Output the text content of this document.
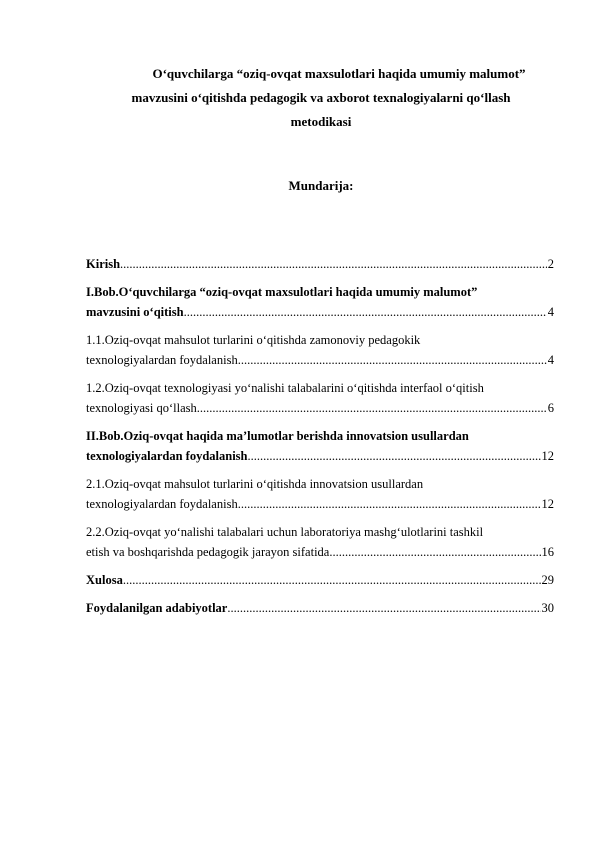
O‘quvchilarga “oziq-ovqat maxsulotlari haqida umumiy malumot”
mavzusini o‘qitishda pedagogik va axborot texnalogiyalarni qo‘llash
metodikasi
Mundarija:
Kirish .....	2
I.Bob.O‘quvchilarga “oziq-ovqat maxsulotlari haqida umumiy malumot”
mavzusini o‘qitish .....	4
1.1.Oziq-ovqat mahsulot turlarini o‘qitishda zamonoviy pedagokik
texnologiyalardan foydalanish .....	4
1.2.Oziq-ovqat texnologiyasi yo‘nalishi talabalarini o‘qitishda interfaol o‘qitish
texnologiyasi qo‘llash .....	6
II.Bob.Oziq-ovqat haqida ma’lumotlar berishda innovatsion usullardan
texnologiyalardan foydalanish .....	12
2.1.Oziq-ovqat mahsulot turlarini o‘qitishda innovatsion usullardan
texnologiyalardan foydalanish .....	12
2.2.Oziq-ovqat yo‘nalishi talabalari uchun laboratoriya mashg‘ulotlarini tashkil
etish va boshqarishda pedagogik jarayon sifatida .....	16
Xulosa .....	29
Foydalanilgan adabiyotlar .....	30
